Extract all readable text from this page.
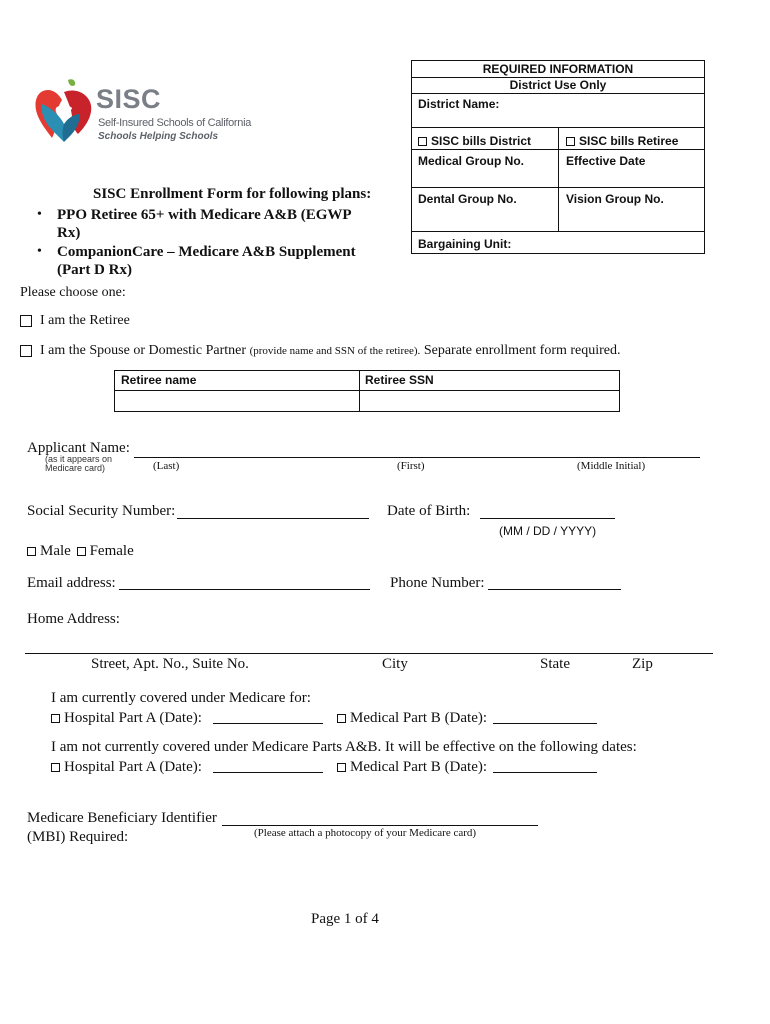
SISC
Self-Insured Schools of California
Schools Helping Schools
REQUIRED INFORMATION
District Use Only
District Name:
SISC bills District	SISC bills Retiree
Medical Group No.	Effective Date
Dental Group No.	Vision Group No.
Bargaining Unit:
SISC Enrollment Form for following plans:
• PPO Retiree 65+ with Medicare A&B (EGWP
Rx)
• CompanionCare – Medicare A&B Supplement
(Part D Rx)
Please choose one:
I am the Retiree
I am the Spouse or Domestic Partner (provide name and SSN of the retiree). Separate enrollment form required.
Retiree name	Retiree SSN
Applicant Name:
(as it appears on
Medicare card)	(Last)	(First)	(Middle Initial)
Social Security Number:	Date of Birth:
(MM / DD / YYYY)
Male Female
Email address:	Phone Number:
Home Address:
Street, Apt. No., Suite No.	City	State	Zip
I am currently covered under Medicare for:
Hospital Part A (Date):	Medical Part B (Date):
I am not currently covered under Medicare Parts A&B. It will be effective on the following dates:
Hospital Part A (Date):	Medical Part B (Date):
Medicare Beneficiary Identifier
(MBI) Required:	(Please attach a photocopy of your Medicare card)
Page 1 of 4
